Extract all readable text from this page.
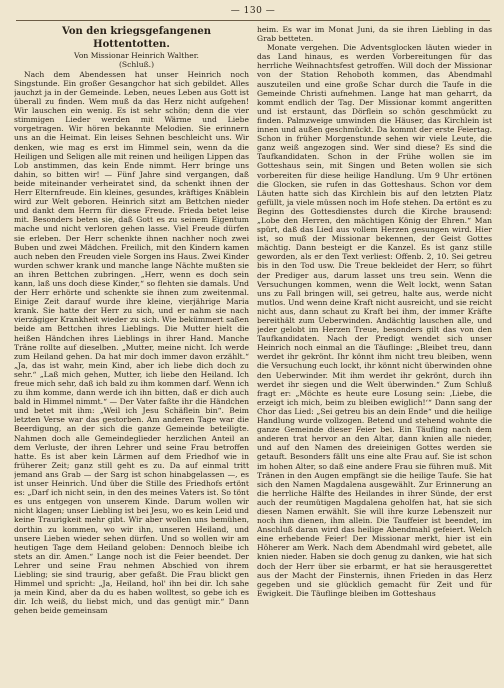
— 130 —

Von den kriegsgefangenen Hottentotten.

Von Missionar Heinrich Walther.

(Schluß.)

Nach dem Abendessen hat unser Heinrich noch Singstunde. Ein großer Gesangchor hat sich gebildet. Alles jauchzt ja in der Gemeinde. Leben, neues Leben aus Gott ist überall zu finden. Wem muß da das Herz nicht aufgehen! Wir lauschen ein wenig. Es ist sehr schön; denn die vier stimmigen Lieder werden mit Wärme und Liebe vorgetragen. Wir hören bekannte Melodien. Sie erinnern uns an die Heimat. Ein leises Sehnen beschleicht uns. Wir denken, wie mag es erst im Himmel sein, wenn da die Heiligen und Seligen alle mit reinen und heiligen Lippen das Lob anstimmen, das kein Ende nimmt. Herr bringe uns dahin, so bitten wir! — Fünf Jahre sind vergangen, daß beide miteinander verheiratet sind, da schenkt ihnen der Herr Elternfreude. Ein kleines, gesundes, kräftiges Knäblein wird zur Welt geboren. Heinrich sitzt am Bettchen nieder und dankt dem Herrn für diese Freude. Frieda betet leise mit. Besonders beten sie, daß Gott es zu seinem Eigentum mache und nicht verloren gehen lasse. Viel Freude dürfen sie erleben. Der Herr schenkte ihnen nachher noch zwei Buben und zwei Mädchen. Freilich, mit den Kindern kamen auch neben den Freuden viele Sorgen ins Haus. Zwei Kinder wurden schwer krank und manche lange Nächte mußten sie an ihren Bettchen zubringen. „Herr, wenn es doch sein kann, laß uns doch diese Kinder,“ so flehten sie damals. Und der Herr erhörte und schenkte sie ihnen zum zweitenmal. Einige Zeit darauf wurde ihre kleine, vierjährige Maria krank. Sie hatte der Herr zu sich, und er nahm sie nach vierzägiger Krankheit wieder zu sich. Wie bekümmert saßen beide am Bettchen ihres Lieblings. Die Mutter hielt die heißen Händchen ihres Lieblings in ihrer Hand. Manche Träne rollte auf dieselben. „Mutter, meine nicht. Ich werde zum Heiland gehen. Da hat mir doch immer davon erzählt.“ „Ja, das ist wahr, mein Kind, aber ich liebe dich doch zu sehr.“ „Laß mich gehen, Mutter, ich liebe den Heiland. Ich freue mich sehr, daß ich bald zu ihm kommen darf. Wenn ich zu ihm komme, dann werde ich ihn bitten, daß er dich auch bald in Himmel nimmt.“ — Der Vater faßte ihr die Händchen und betet mit ihm: „Weil ich Jesu Schäflein bin“. Beim letzten Verse war das gestorben. Am anderen Tage war die Beerdigung, an der sich die ganze Gemeinde beteiligte. Nahmen doch alle Gemeindeglieder herzlichen Anteil an dem Verluste, der ihren Lehrer und seine Frau betroffen hatte. Es ist aber kein Lärmen auf dem Friedhof wie in früherer Zeit; ganz still geht es zu. Da auf einmal tritt jemand ans Grab — der Sarg ist schon hinabgelassen —, es ist unser Heinrich. Und über die Stille des Friedhofs ertönt es: „Darf ich nicht sein, in den des meines Vaters ist. So tönt es uns entgegen von unserem Kinde. Darum wollen wir nicht klagen; unser Liebling ist bei Jesu, wo es kein Leid und keine Traurigkeit mehr gibt. Wir aber wollen uns bemühen, dorthin zu kommen, wo wir ihn, unseren Heiland, und unsere Lieben wieder sehen dürfen. Und so wollen wir am heutigen Tage dem Heiland geloben: Dennoch bleibe ich stets an dir. Amen.“ Lange noch ist die Feier beendet. Der Lehrer und seine Frau nehmen Abschied von ihrem Liebling; sie sind traurig, aber gefaßt. Die Frau blickt gen Himmel und spricht: „Ja, Heiland, hol' ihn bei dir. Ich sahe ja mein Kind, aber da du es haben wolltest, so gebe ich es dir. Ich weiß, du liebst mich, und das genügt mir.“ Dann gehen beide gemeinsam

heim. Es war im Monat Juni, da sie ihren Liebling in das Grab betteten.

Monate vergehen. Die Adventsglocken läuten wieder in das Land hinaus, es werden Vorbereitungen für das herrliche Weihnachtsfest getroffen. Will doch der Missionar von der Station Rehoboth kommen, das Abendmahl auszuteilen und eine große Schar durch die Taufe in die Gemeinde Christi aufnehmen. Lange hat man geharrt, da kommt endlich der Tag. Der Missionar kommt angeritten und ist erstaunt, das Dörflein so schön geschmückt zu finden. Palmzweige umwinden die Häuser, das Kirchlein ist innen und außen geschmückt. Da kommt der erste Feiertag. Schon in früher Morgenstunde sehen wir viele Leute, die ganz weiß angezogen sind. Wer sind diese? Es sind die Taufkandidaten. Schon in der Frühe wollen sie im Gotteshaus sein, mit Singen und Beten wollen sie sich vorbereiten für diese heilige Handlung. Um 9 Uhr ertönen die Glocken, sie rufen in das Gotteshaus. Schon vor dem Läuten hatte sich das Kirchlein bis auf den letzten Platz gefüllt, ja viele müssen noch im Hofe stehen. Da ertönt es zu Beginn des Gottesdienstes durch die Kirche brausend: „Lobe den Herren, den mächtigen König der Ehren.“ Man spürt, daß das Lied aus vollem Herzen gesungen wird. Hier ist, so muß der Missionar bekennen, der Geist Gottes mächtig. Dann besteigt er die Kanzel. Es ist ganz stille geworden, als er den Text verliest: Offenb. 2, 10. Sei getreu bis in den Tod usw. Die Treue bekleidet der Herr, so führt der Prediger aus, darum lasset uns treu sein. Wenn die Versuchungen kommen, wenn die Welt lockt, wenn Satan uns zu Fall bringen will, sei getreu, halte aus, werde nicht mutlos. Und wenn deine Kraft nicht ausreicht, und sie reicht nicht aus, dann schaut zu Kraft bei ihm, der immer Kräfte bereithält zum Ueberwinden. Andächtig lauschen alle, und jeder gelobt im Herzen Treue, besonders gilt das von den Taufkandidaten. Nach der Predigt wendet sich unser Heinrich noch einmal an die Täuflinge: „Bleibet treu, dann werdet ihr gekrönt. Ihr könnt ihm nicht treu bleiben, wenn die Versuchung euch lockt, ihr könnt nicht überwinden ohne den Ueberwinder. Mit ihm werdet ihr gekrönt, durch ihn werdet ihr siegen und die Welt überwinden.“ Zum Schluß fragt er: „Möchte es heute eure Losung sein: ‚Liebe, die erzeigt ich mich, beim zu bleiben ewiglich!‘“ Dann sang der Chor das Lied: „Sei getreu bis an dein Ende“ und die heilige Handlung wurde vollzogen. Betend und stehend wohnte die ganze Gemeinde dieser Feier bei. Ein Täufling nach dem anderen trat hervor an den Altar, dann knien alle nieder, und auf den Namen des dreieinigen Gottes werden sie getauft. Besonders fällt uns eine alte Frau auf. Sie ist schon im hohen Alter, so daß eine andere Frau sie führen muß. Mit Tränen in den Augen empfängt sie die heilige Taufe. Sie hat sich den Namen Magdalena ausgewählt. Zur Erinnerung an die herrliche Hälfte des Heilandes in ihrer Sünde, der erst auch der reumütigen Magdalena geholfen hat, hat sie sich diesen Namen erwählt. Sie will ihre kurze Lebenszeit nur noch ihm dienen, ihm allein. Die Tauffeier ist beendet, im Anschluß daran wird das heilige Abendmahl gefeiert. Welch eine erhebende Feier! Der Missionar merkt, hier ist ein Höherer am Werk. Nach dem Abendmahl wird gebetet, alle knien nieder. Haben sie doch genug zu danken, wie hat sich doch der Herr über sie erbarmt, er hat sie herausgerettet aus der Macht der Finsternis, ihnen Frieden in das Herz gegeben und sie glücklich gemacht für Zeit und für Ewigkeit. Die Täuflinge bleiben im Gotteshaus
